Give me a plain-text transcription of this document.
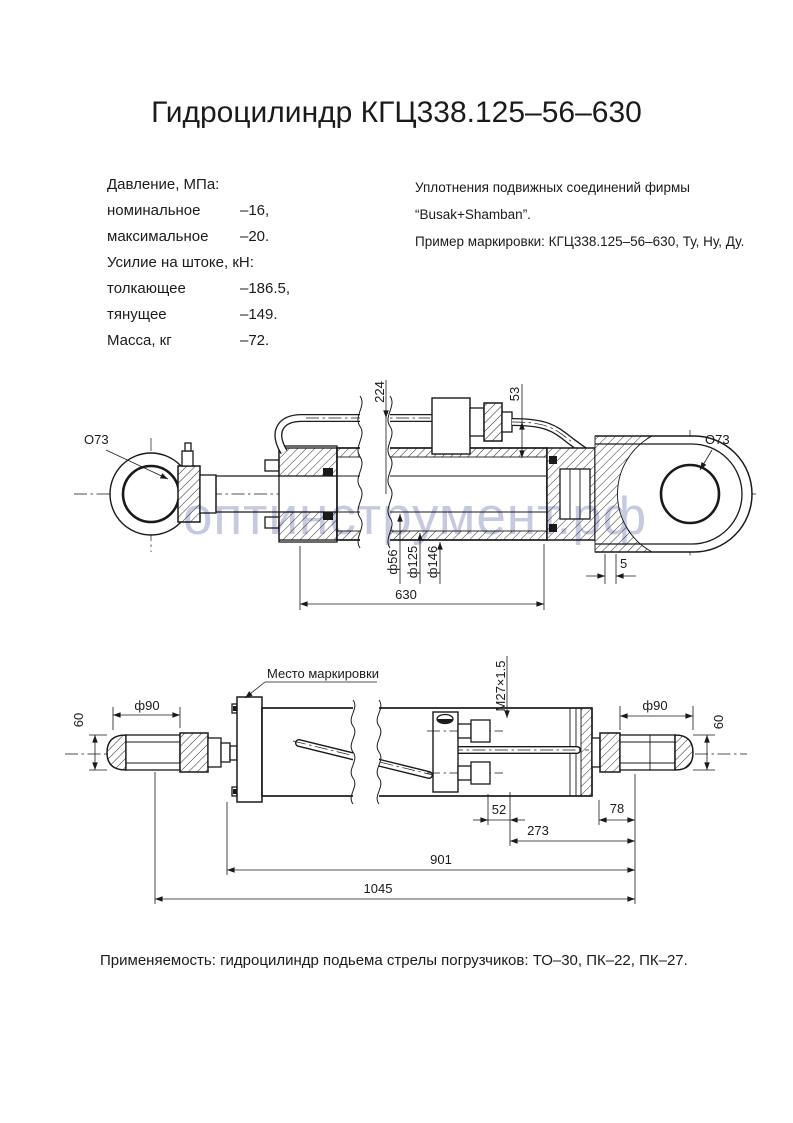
Гидроцилиндр КГЦ338.125–56–630
Давление, МПа:
номинальное	–16,
максимальное –20.
Усилие на штоке, кН:
толкающее	–186.5,
тянущее	–149.
Масса, кг	–72.
Уплотнения подвижных соединений фирмы
“Busak+Shamban”.
Пример маркировки: КГЦ338.125–56–630, Ту, Ну, Ду.
224	53
О73	О73
ф56 ф125 ф146
630
5
оптинструмент.рф
Место маркировки	М27×1.5
ф90
60
ф90
60
52	78
273
901
1045
Применяемость: гидроцилиндр подьема стрелы погрузчиков: ТО–30, ПК–22, ПК–27.
